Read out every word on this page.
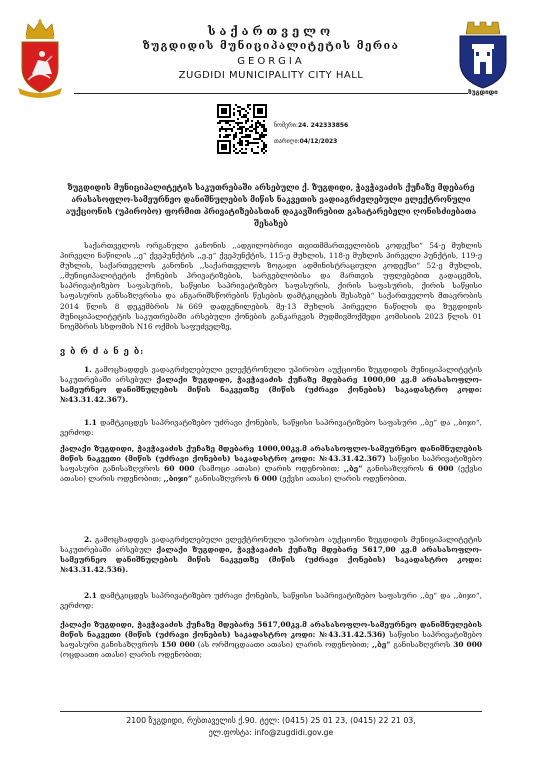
ზუგდიდი
საქართველო
ზუგდიდის მუნიციპალიტეტის მერია
GEORGIA
ZUGDIDI MUNICIPALITY CITY HALL
ნომერი:24. 242333856
თარიღი:04/12/2023
ზუგდიდის მუნიციპალიტეტის საკუთრებაში არსებული ქ. ზუგდიდი, ჭავჭავაძის ქუჩაზე მდებარე არასასოფლო-სამეურნეო დანიშნულების მიწის ნაკვეთის ვადიაგრძელებული ელექტრონული აუქციონის (უპირობო) ფორმით პრივატიზებასთან დაკავშირებით გასატარებელი ღონისძიებათა შესახებ

საქართველოს ორგანული კანონის ,,ადგილობრივი თვითმმართველობის კოდექსი“ 54-ე მუხლის პირველი ნაწილის ,,ე“ ქვეპუნქტის ,,ე.ე“ ქვეპუნქტის, 115-ე მუხლის, 118-ე მუხლის პირველი პუნქტის, 119-ე მუხლის, საქართველოს კანონის ,,საქართველოს ზოგადი ადმინისტრაციული კოდექსი“ 52-ე მუხლის, ,,მუნიციპალიტეტის ქონების პრივატიზების, სარგებლობისა და მართვის უფლებებით გადაცემის, საპრივატიზებო საფასურის, საწყისი საპრივატიზებო საფასურის, ქირის საფასურის, ქირის საწყისი საფასურის განსაზღვრისა და ანგარიშსწორების წესების დამტკიცების შესახებ“ საქართველოს მთავრობის 2014 წლის 8 დეკემბრის №669 დადგენილების მე-13 მუხლის პირველი ნაწილის და ზუგდიდის მუნიციპალიტეტის საკუთრებაში არსებული ქონების განკარგვის მუდმივმოქმედი კომისიის 2023 წლის 01 ნოემბრის სხდომის N16 ოქმის საფუძველზე,

ვ ბ რ ძ ა ნ ე ბ:

1. გამოცხადდეს ვადაგრძელებული ელექტრონული უპირობო აუქციონი ზუგდიდის მუნიციპალიტეტის საკუთრებაში არსებულ ქალაქი ზუგდიდი, ჭავჭავაძის ქუჩაზე მდებარე 1000,00 კვ.მ არასასოფლო-სამეურნეო დანიშნულების მიწის ნაკვეთზე (მიწის (უძრავი ქონების) საკადასტრო კოდი: №43.31.42.367).

1.1 დამტკიცდეს საპრივატიზებო უძრავი ქონების, საწყისი საპრივატიზებო საფასური ,,ბე“ და ,,ბიჯი“, ვერძოდ:

ქალაქი ზუგდიდი, ჭავჭავაძის ქუჩაზე მდებარე 1000,00კვ.მ არასასოფლო-სამეურნეო დანიშნულების მიწის ნაკვეთი (მიწის (უძრავი ქონების) საკადასტრო კოდი: №43.31.42.367) საწყისი საპრივატიზებო საფასური განისაზღვროს 60 000 (სამოცი ათასი) ლარის ოდენობით; ,,ბე“ განისაზღვროს 6 000 (ექვსი ათასი) ლარის ოდენობით; ,,ბიჯი“ განისაზღვროს 6 000 (ექვსი ათასი) ლარის ოდენობით.

2. გამოცხადდეს ვადაგრძელებული ელექტრონული უპირობო აუქციონი ზუგდიდის მუნიციპალიტეტის საკუთრებაში არსებულ ქალაქი ზუგდიდი, ჭავჭავაძის ქუჩაზე მდებარე 5617,00 კვ.მ არასასოფლო-სამეურნეო დანიშნულების მიწის ნაკვეთზე (მიწის (უძრავი ქონების) საკადასტრო კოდი: №43.31.42.536).

2.1 დამტკიცდეს საპრივატიზებო უძრავი ქონების, საწყისი საპრივატიზებო საფასური ,,ბე“ და ,,ბიჯი“, ვერძოდ:

ქალაქი ზუგდიდი, ჭავჭავაძის ქუჩაზე მდებარე 5617,00კვ.მ არასასოფლო-სამეურნეო დანიშნულების მიწის ნაკვეთი (მიწის (უძრავი ქონების) საკადასტრო კოდი: №43.31.42.536) საწყისი საპრივატიზებო საფასური განისაზღვროს 150 000 (ას ორმოცდაათი ათასი) ლარის ოდენობით; ,,ბე“ განისაზღვროს 30 000 (ოცდაათი ათასი) ლარის ოდენობით;

2100 ზუგდიდი, რუსთაველის ქ.90. ტელ: (0415) 25 01 23, (0415) 22 21 03,
ელ.ფოსტა: info@zugdidi.gov.ge
